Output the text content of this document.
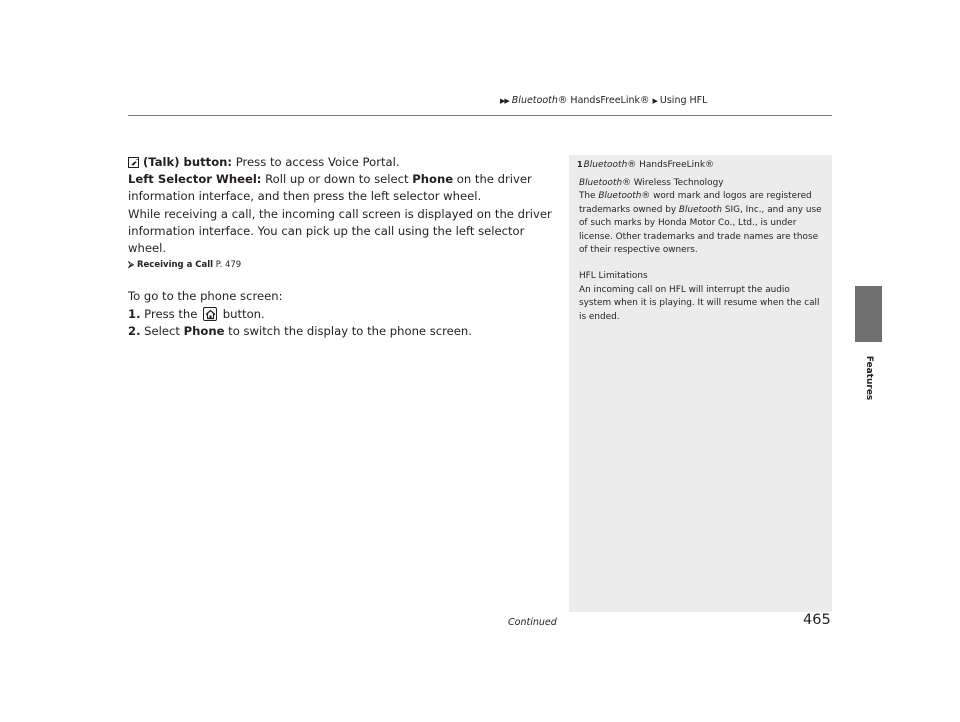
▶▶ Bluetooth® HandsFreeLink® ▶ Using HFL
Features

(Talk) button: Press to access Voice Portal.

Left Selector Wheel: Roll up or down to select Phone on the driver information interface, and then press the left selector wheel.

While receiving a call, the incoming call screen is displayed on the driver information interface. You can pick up the call using the left selector wheel.

⮚ Receiving a Call P. 479

To go to the phone screen:

1. Press the
button.

2. Select Phone to switch the display to the phone screen.

1Bluetooth® HandsFreeLink®

Bluetooth® Wireless Technology

The Bluetooth® word mark and logos are registered trademarks owned by Bluetooth SIG, Inc., and any use of such marks by Honda Motor Co., Ltd., is under license. Other trademarks and trade names are those of their respective owners.

HFL Limitations

An incoming call on HFL will interrupt the audio system when it is playing. It will resume when the call is ended.

Continued	465
